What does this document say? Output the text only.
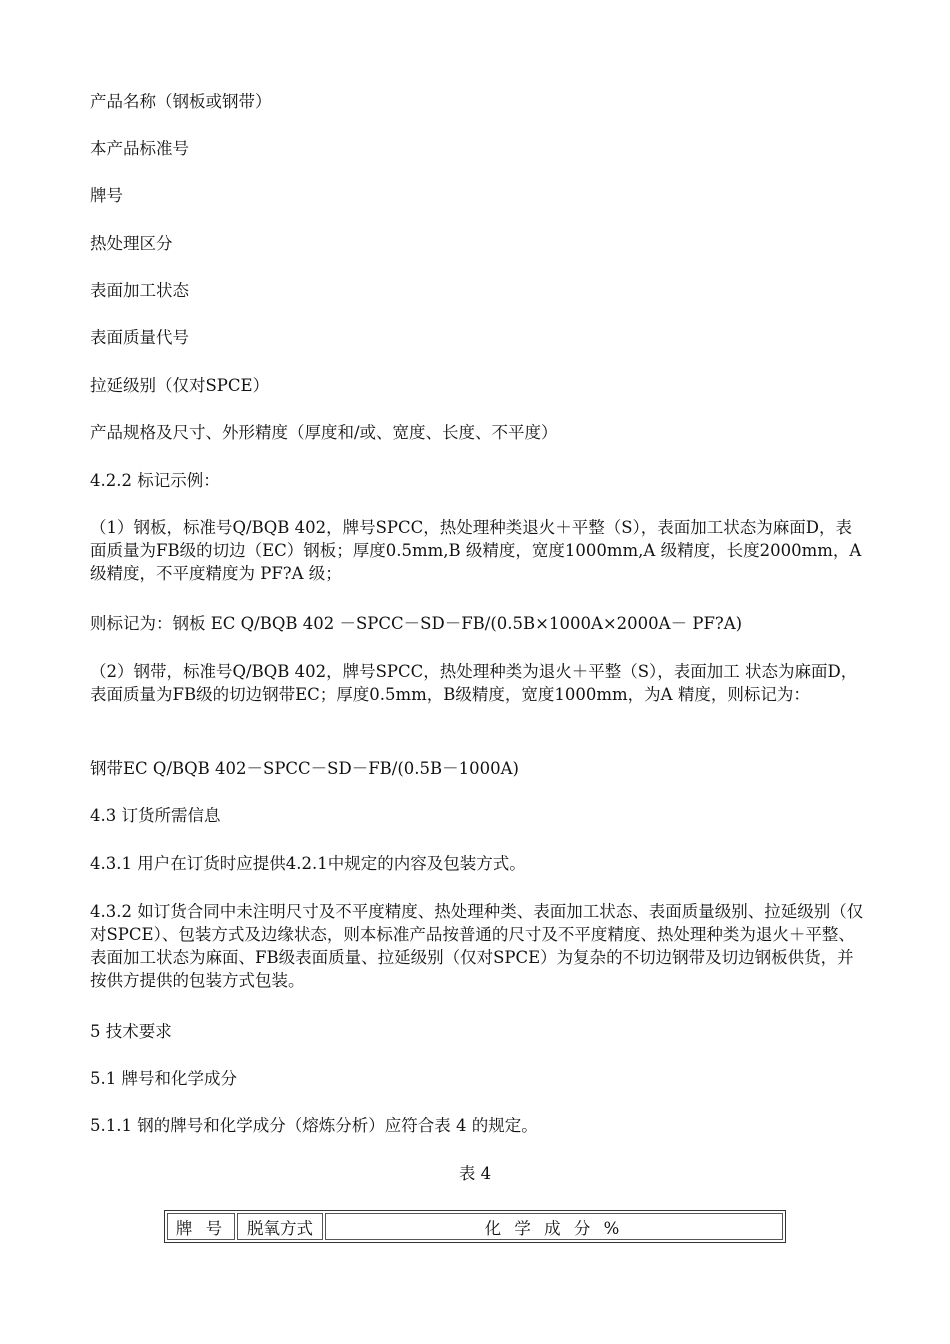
产品名称（钢板或钢带）

本产品标准号

牌号

热处理区分

表面加工状态

表面质量代号

拉延级别（仅对SPCE）

产品规格及尺寸、外形精度（厚度和/或、宽度、长度、不平度）

4.2.2 标记示例：

（1）钢板，标准号Q/BQB 402，牌号SPCC，热处理种类退火＋平整（S），表面加工状态为麻面D，表面质量为FB级的切边（EC）钢板；厚度0.5mm,B 级精度，宽度1000mm,A 级精度，长度2000mm，A级精度，不平度精度为 PF?A 级；

则标记为：钢板 EC Q/BQB 402 －SPCC－SD－FB/(0.5B×1000A×2000A－ PF?A)

（2）钢带，标准号Q/BQB 402，牌号SPCC，热处理种类为退火＋平整（S），表面加工 状态为麻面D，表面质量为FB级的切边钢带EC；厚度0.5mm，B级精度，宽度1000mm，为A 精度，则标记为：

钢带EC Q/BQB 402－SPCC－SD－FB/(0.5B－1000A)

4.3 订货所需信息

4.3.1 用户在订货时应提供4.2.1中规定的内容及包装方式。

4.3.2 如订货合同中未注明尺寸及不平度精度、热处理种类、表面加工状态、表面质量级别、拉延级别（仅对SPCE）、包装方式及边缘状态，则本标准产品按普通的尺寸及不平度精度、热处理种类为退火＋平整、表面加工状态为麻面、FB级表面质量、拉延级别（仅对SPCE）为复杂的不切边钢带及切边钢板供货，并按供方提供的包装方式包装。

5 技术要求

5.1 牌号和化学成分

5.1.1 钢的牌号和化学成分（熔炼分析）应符合表 4 的规定。

表 4
牌 号	脱氧方式	化 学 成 分 %
